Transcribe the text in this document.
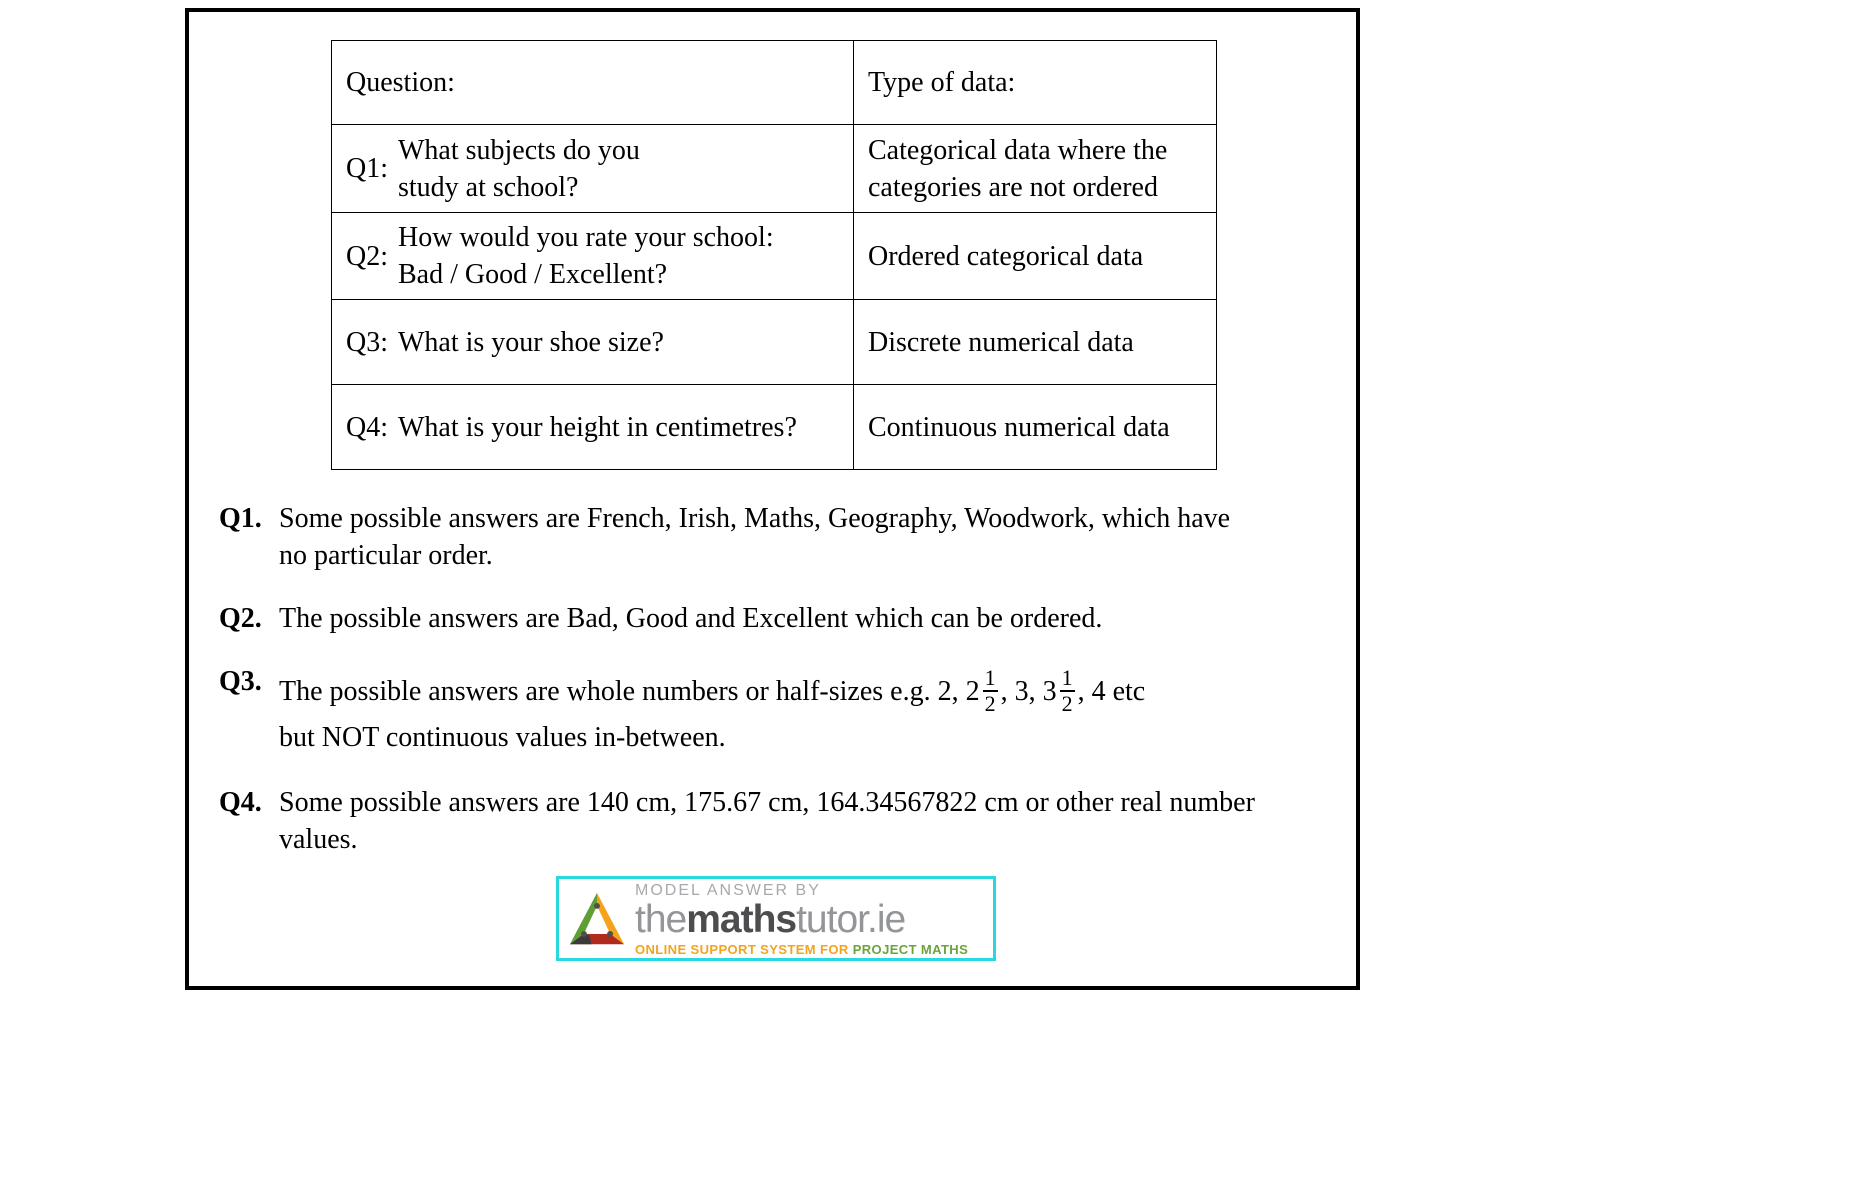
Question:	Type of data:

Q1:
What subjects do you
study at school?	Categorical data where the
categories are not ordered

Q2:
How would you rate your school:
Bad / Good / Excellent?	Ordered categorical data

Q3: What is your shoe size?	Discrete numerical data

Q4: What is your height in centimetres?	Continuous numerical data
Q1. Some possible answers are French, Irish, Maths, Geography, Woodwork, which have
no particular order.
Q2. The possible answers are Bad, Good and Excellent which can be ordered.
Q3. The possible answers are whole numbers or half-sizes e.g. 2, $2 \frac{1}{2}$ , 3, $3 \frac{1}{2}$ , 4 etc
but NOT continuous values in-between.
Q4. Some possible answers are 140 cm, 175.67 cm, 164.34567822 cm or other real number
values.
MODEL ANSWER BY
themathstutor.ie
ONLINE SUPPORT SYSTEM FOR PROJECT MATHS
